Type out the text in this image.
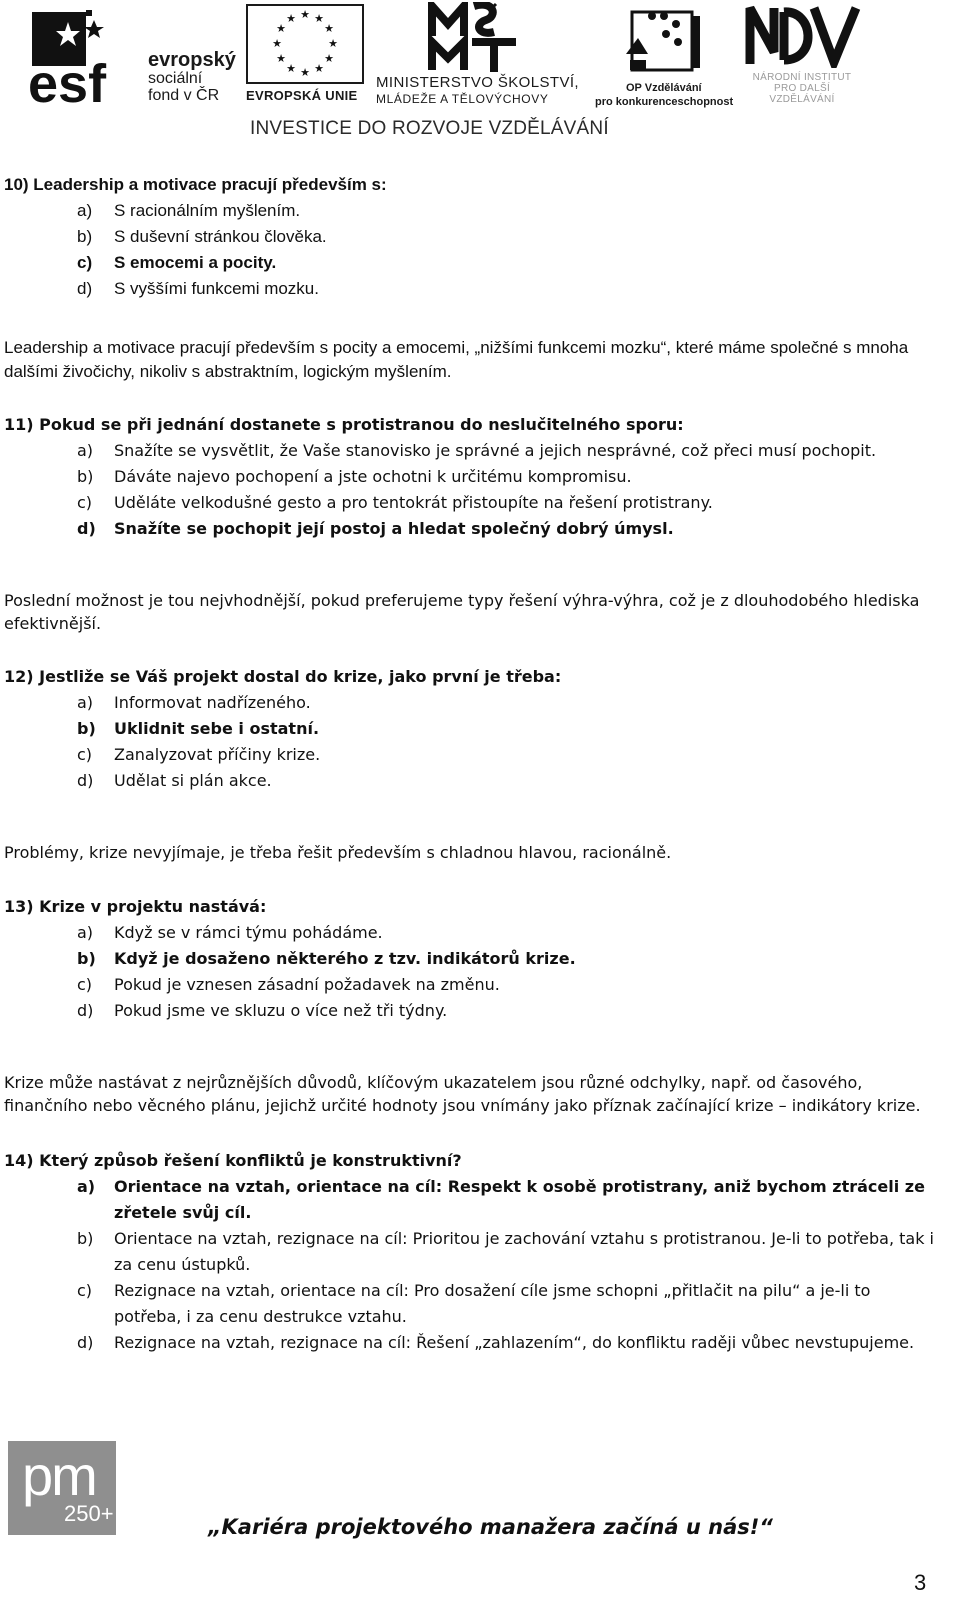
esf evropský
sociální
fond v ČR
★ ★
★
★
★
★
★
★
★
★
★
★
EVROPSKÁ UNIE
MINISTERSTVO ŠKOLSTVÍ,
MLÁDEŽE A TĚLOVÝCHOVY
OP Vzdělávání
pro konkurenceschopnost
NÁRODNÍ INSTITUT
PRO DALŠÍ
VZDĚLÁVÁNÍ
INVESTICE DO ROZVOJE VZDĚLÁVÁNÍ

10) Leadership a motivace pracují především s:

a) S racionálním myšlením.
b) S duševní stránkou člověka.
c) S emocemi a pocity.
d) S vyššími funkcemi mozku.

Leadership a motivace pracují především s pocity a emocemi, „nižšími funkcemi mozku“, které máme společné s mnoha dalšími živočichy, nikoliv s abstraktním, logickým myšlením.

11) Pokud se při jednání dostanete s protistranou do neslučitelného sporu:

a) Snažíte se vysvětlit, že Vaše stanovisko je správné a jejich nesprávné, což přeci musí pochopit.
b) Dáváte najevo pochopení a jste ochotni k určitému kompromisu.
c) Uděláte velkodušné gesto a pro tentokrát přistoupíte na řešení protistrany.
d) Snažíte se pochopit její postoj a hledat společný dobrý úmysl.

Poslední možnost je tou nejvhodnější, pokud preferujeme typy řešení výhra-výhra, což je z dlouhodobého hlediska efektivnější.

12) Jestliže se Váš projekt dostal do krize, jako první je třeba:

a) Informovat nadřízeného.
b) Uklidnit sebe i ostatní.
c) Zanalyzovat příčiny krize.
d) Udělat si plán akce.

Problémy, krize nevyjímaje, je třeba řešit především s chladnou hlavou, racionálně.

13) Krize v projektu nastává:

a) Když se v rámci týmu pohádáme.
b) Když je dosaženo některého z tzv. indikátorů krize.
c) Pokud je vznesen zásadní požadavek na změnu.
d) Pokud jsme ve skluzu o více než tři týdny.

Krize může nastávat z nejrůznějších důvodů, klíčovým ukazatelem jsou různé odchylky, např. od časového, finančního nebo věcného plánu, jejichž určité hodnoty jsou vnímány jako příznak začínající krize – indikátory krize.

14) Který způsob řešení konfliktů je konstruktivní?

a) Orientace na vztah, orientace na cíl: Respekt k osobě protistrany, aniž bychom ztráceli ze zřetele svůj cíl.
b) Orientace na vztah, rezignace na cíl: Prioritou je zachování vztahu s protistranou. Je-li to potřeba, tak i za cenu ústupků.
c) Rezignace na vztah, orientace na cíl: Pro dosažení cíle jsme schopni „přitlačit na pilu“ a je-li to potřeba, i za cenu destrukce vztahu.
d) Rezignace na vztah, rezignace na cíl: Řešení „zahlazením“, do konfliktu raději vůbec nevstupujeme.
pm
250+
„Kariéra projektového manažera začíná u nás!“
3
